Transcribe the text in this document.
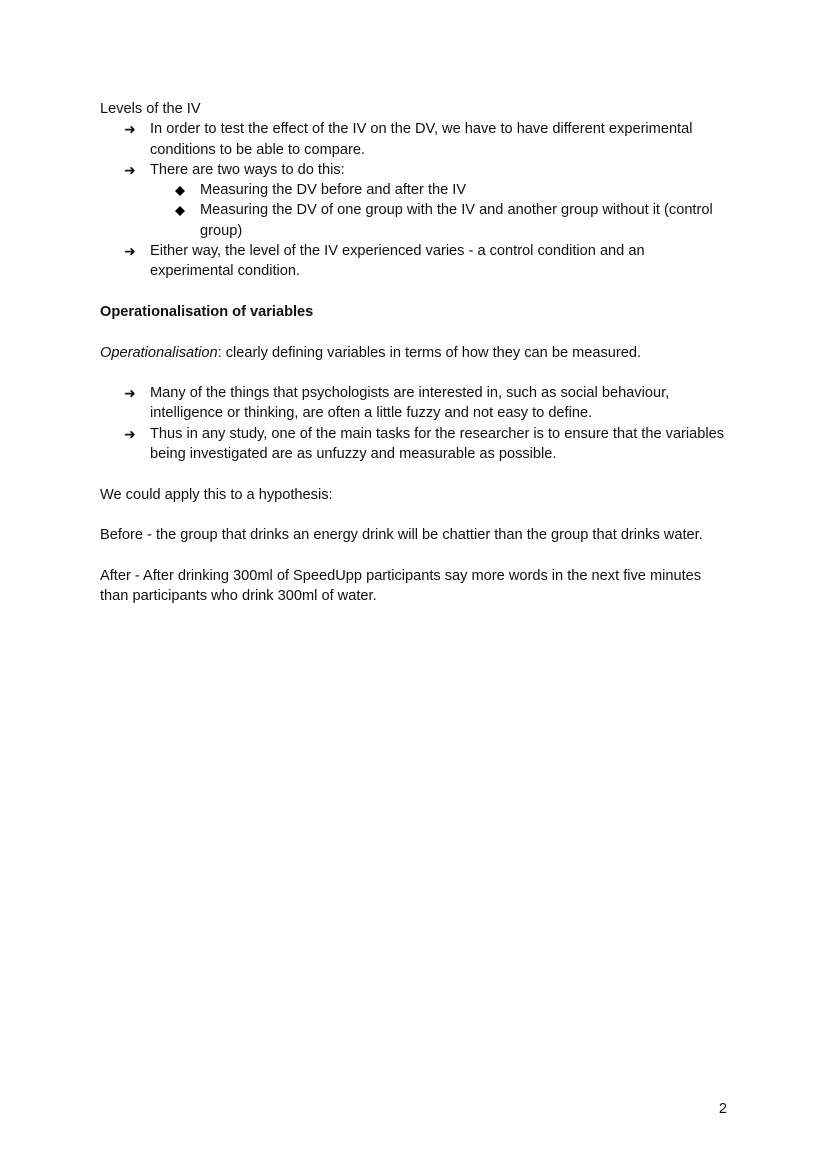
Levels of the IV

➜ In order to test the effect of the IV on the DV, we have to have different experimental conditions to be able to compare.
➜ There are two ways to do this:
Measuring the DV before and after the IV
Measuring the DV of one group with the IV and another group without it (control group)
➜ Either way, the level of the IV experienced varies - a control condition and an experimental condition.

Operationalisation of variables

Operationalisation: clearly defining variables in terms of how they can be measured.

➜ Many of the things that psychologists are interested in, such as social behaviour, intelligence or thinking, are often a little fuzzy and not easy to define.
➜ Thus in any study, one of the main tasks for the researcher is to ensure that the variables being investigated are as unfuzzy and measurable as possible.

We could apply this to a hypothesis:

Before - the group that drinks an energy drink will be chattier than the group that drinks water.

After - After drinking 300ml of SpeedUpp participants say more words in the next five minutes than participants who drink 300ml of water.

2
